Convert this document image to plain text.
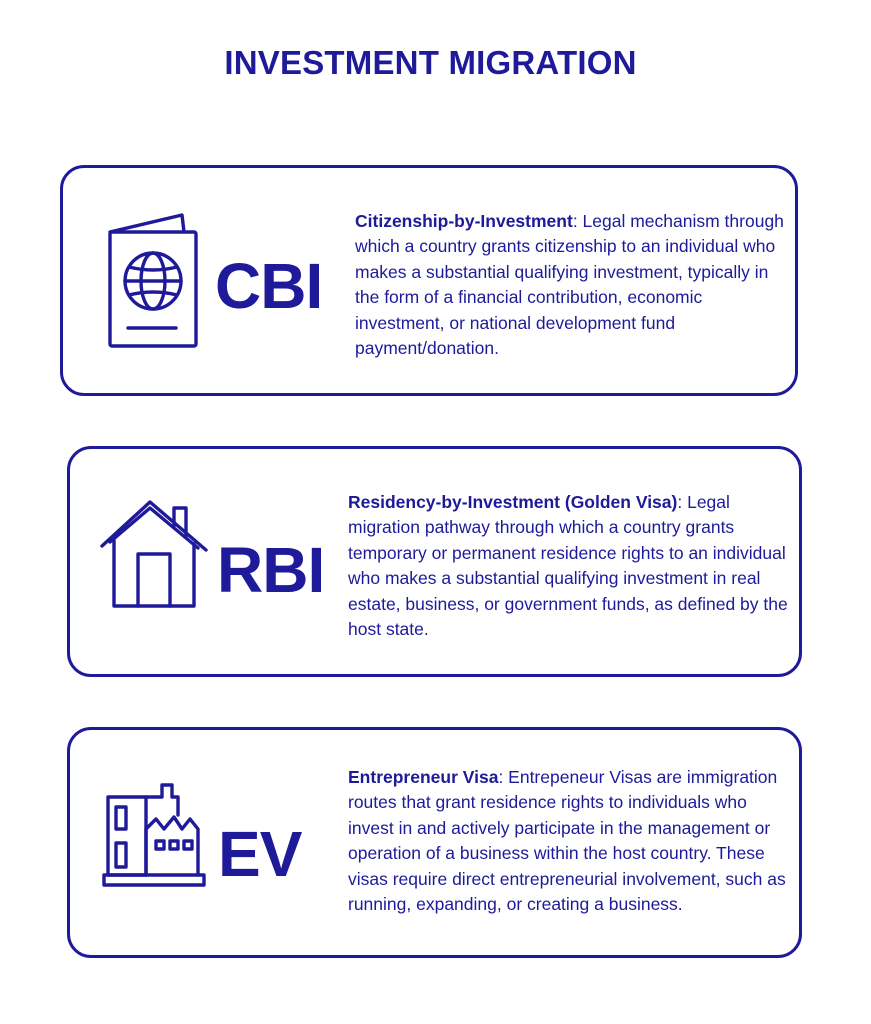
INVESTMENT MIGRATION
CBI
Citizenship-by-Investment: Legal mechanism through which a country grants citizenship to an individual who makes a substantial qualifying investment, typically in the form of a financial contribution, economic investment, or national development fund payment/donation.
RBI
Residency-by-Investment (Golden Visa): Legal migration pathway through which a country grants temporary or permanent residence rights to an individual who makes a substantial qualifying investment in real estate, business, or government funds, as defined by the host state.
EV
Entrepreneur Visa: Entrepeneur Visas are immigration routes that grant residence rights to individuals who invest in and actively participate in the management or operation of a business within the host country. These visas require direct entrepreneurial involvement, such as running, expanding, or creating a business.
